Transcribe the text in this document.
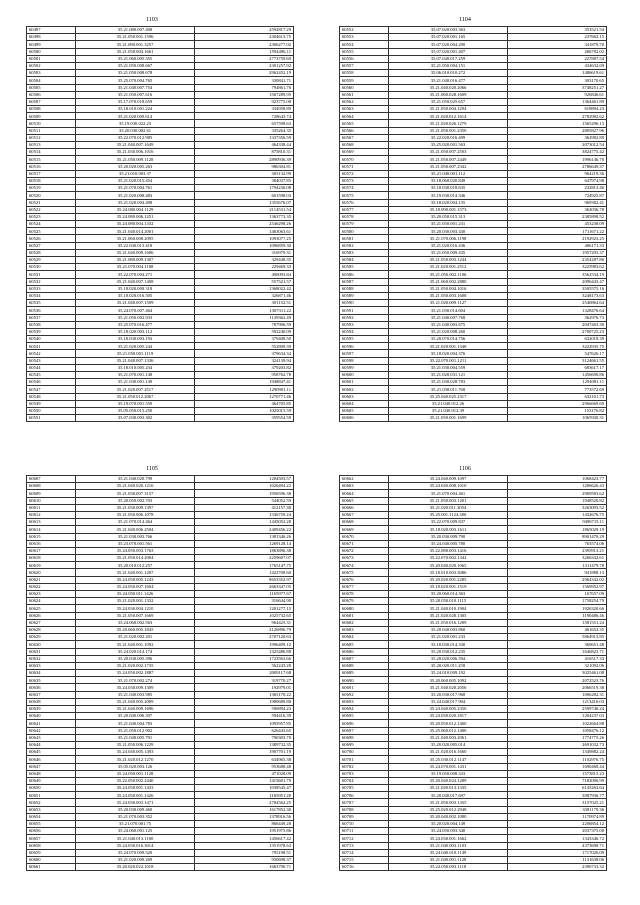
1103
60497	35.21.080.007.408	2592817.29
60498	35.21.050.001.1596	2304613.75
60499	35.21.080.001.3257	2306277.02
60500	35.21.050.004.1661	1594496.11
60501	35.21.060.005.355	2773759.69
60502	35.21.050.008.667	2301257.92
60503	35.21.050.008.678	2962452.19
60504	35.25.070.004.765	330841.71
60505	35.21.040.007.754	794861.70
60506	35.21.050.007.616	1567289.95
60507	35.17.070.018.659	923775.08
60508	35.18.010.001.224	334958.89
60509	35.21.020.009.614	728643.74
60510	35.19.030.022.23	657598.63
60511	35.20.030.002.61	335264.35
60512	35.22.070.012.985	1337356.59
60513	35.21.040.007.1649	464338.44
60514	35.21.030.006.1016	875810.31
60515	35.21.050.009.1128	2890936.39
60516	35.20.020.005.263	986304.81
60517	35.21.010.003.37	305132.99
60518	35.21.020.015.454	384037.85
60519	35.21.070.004.761	1794236.08
60520	35.21.020.008.483	601598.03
60521	35.21.020.004.498	1355676.07
60522	35.24.080.004.1129	2114531.54
60523	35.24.080.006.1251	1363773.35
60524	35.24.080.004.1332	2546298.26
60525	35.21.040.014.2001	1463063.61
60526	35.21.060.008.2095	1093077.25
60527	35.22.040.013.418	1096859.30
60528	35.21.040.009.1606	316979.31
60529	35.21.080.009.1307	329448.35
60530	35.21.070.004.1188	229469.33
60531	35.22.070.004.271	490093.84
60532	35.21.040.007.1408	557521.57
60533	35.18.020.009.318	1368022.42
60534	35.18.020.016.505	326871.46
60535	35.21.040.007.1509	301152.51
60536	35.24.070.007.464	1307311.22
60537	35.21.050.002.933	1139362.49
60538	35.25.070.016.477	787906.59
60539	35.18.020.003.112	592240.09
60540	35.18.030.003.193	379408.50
60541	35.21.020.005.244	552809.39
60542	35.21.050.001.1119	379634.34
60543	35.21.040.007.1336	324139.94
60544	35.18.010.005.234	379203.82
60545	35.21.070.001.148	958762.78
60546	35.21.030.001.149	1948847.41
60547	35.21.020.007.2517	1290901.11
60548	35.21.050.012.2067	1270771.46
60549	35.19.070.001.550	464705.85
60550	35.05.050.015.250	1025015.59
60551	35.07.030.003.302	359554.59
1104
60552	35.07.020.003.363	353521.54
60553	35.07.020.001.165	237662.15
60554	35.07.020.004.290	341879.70
60555	35.07.020.001.407	266782.02
60556	35.07.040.017.259	227887.54
60557	35.21.050.004.151	434632.69
60558	35.06.010.010.272	1486619.61
60559	35.21.040.016.477	303170.65
60560	35.21.040.020.2066	3748251.27
60561	35.21.060.028.1609	926846.61
60562	35.21.050.025.657	1364461.89
60563	35.21.050.004.1294	618894.23
60564	35.21.020.012.1614	2782982.62
60565	35.21.020.026.1279	1565296.13
60566	35.21.050.001.2350	2805827.96
60567	35.22.020.016.499	362982.89
60568	35.25.020.001.563	2073012.54
60569	35.21.050.007.2503	3824775.42
60570	35.21.050.007.2449	1996146.70
60571	35.21.050.007.2342	2786649.37
60572	35.21.040.001.112	964219.36
60573	35.18.060.020.849	647974.98
60574	35.18.030.018.635	232813.46
60575	35.19.030.014.346	724925.87
60576	35.18.020.004.135	969382.41
60577	35.18.090.001.1573	362036.78
60578	35.20.050.015.313	2385898.52
60579	35.21.050.001.231	453238.09
60580	35.20.030.003.430	1711671.22
60581	35.21.070.006.1198	2192923.25
60582	35.21.020.016.436	486171.33
60583	35.21.050.009.435	1957293.37
60584	35.21.050.003.1244	2354287.86
60585	35.21.020.001.2512	3225983.62
60586	35.21.050.002.1106	3562534.19
60587	35.21.060.002.2880	2096443.47
60588	35.21.050.004.1016	3505575.16
60589	35.21.050.003.1608	3248173.63
60590	35.21.020.009.1127	2540864.64
60591	35.21.030.014.604	1328476.64
60592	35.21.040.007.768	362976.73
60593	35.21.040.003.675	2047463.30
60594	35.21.020.008.260	2700725.23
60595	35.20.070.014.756	632018.39
60596	35.21.020.001.1348	3222935.75
60597	35.18.020.004.376	547626.17
60598	35.22.070.001.1211	3124661.55
60599	35.21.030.004.559	683617.17
60600	35.21.020.031.121	1456690.86
60601	35.21.030.028.783	1294081.11
60602	35.21.030.011.768	773572.69
60603	35.25.040.025.2317	632101.73
60604	35.21.040.012.26	2966669.69
60605	35.21.040.012.39	153176.82
60606	35.21.050.001.1699	1065930.31
1105
60607	35.21.040.020.799	1204503.57
60608	35.21.040.020.1216	1026494.22
60609	35.21.030.007.3157	1956596.38
60610	35.20.050.002.703	544052.59
60611	35.21.030.009.1397	412157.38
60612	35.21.050.006.1078	1336759.24
60613	35.21.070.014.464	1445052.28
60614	35.21.040.006.2504	2409456.22
60615	35.21.030.003.766	1381346.26
60616	35.23.070.001.561	1269128.14
60617	35.24.050.003.1763	1863896.38
60618	35.21.050.014.2004	2259607.07
60619	35.20.010.012.257	1765147.75
60620	35.21.040.001.1207	1422708.60
60621	35.24.050.005.1243	8653352.97
60622	35.24.050.007.1604	2663347.05
60623	35.24.050.011.1426	1165977.67
60624	35.21.020.001.1332	316644.90
60625	35.24.030.004.1210	1201277.15
60626	35.21.050.007.1669	1025732.65
60627	35.24.060.002.563	964425.31
60628	35.20.060.005.1845	2126896.79
60629	35.21.020.002.201	2707120.63
60630	35.21.040.001.1092	1996409.12
60631	35.24.020.014.174	1325486.88
60632	35.20.030.005.396	1723563.66
60633	35.21.020.002.1735	562243.28
60634	35.24.050.002.1887	2009117.68
60635	35.21.070.002.274	319770.27
60636	35.24.030.009.1309	192979.01
60637	35.21.040.003.985	1365170.22
60638	35.21.040.005.2009	1980689.88
60639	35.21.040.009.1696	596894.23
60640	35.20.040.006.397	594416.39
60641	35.21.040.004.783	1095957.85
60642	35.21.050.012.902	626443.65
60643	35.21.040.005.791	790303.70
60644	35.21.050.006.1229	1389732.35
60645	35.24.040.005.1493	1907701.19
60646	35.21.020.012.1270	634965.38
60647	35.05.020.003.126	953688.48
60648	35.24.050.001.1128	471028.09
60649	35.22.050.002.2440	1415601.79
60650	35.24.050.001.1433	1038545.47
60651	35.24.050.001.1426	1165951.20
60652	35.24.030.003.1471	2784562.25
60653	35.20.030.009.460	1617852.30
60654	35.21.070.003.352	1378916.56
60655	35.21.070.001.75	866449.28
60656	35.24.060.001.125	1951975.86
60657	35.21.040.013.1100	1456617.42
60658	35.24.030.016.3014	1351978.63
60659	35.24.070.009.320	795198.51
60660	35.21.020.009.269	930698.37
60661	35.20.020.022.1018	1663790.71
1106
60662	35.24.040.009.1097	1068423.77
60663	35.24.040.008.1010	1286626.43
60664	35.21.070.004.461	2969583.62
60665	35.21.050.003.1201	1948520.82
60666	35.21.020.011.3054	3263093.52
60667	35.25.001.1124.300	1432676.75
60668	35.22.070.009.837	9496715.11
60669	35.18.020.003.1611	1865029.19
60670	35.20.030.009.790	8901478.29
60671	35.24.040.005.780	763574.06
60672	35.22.080.003.1416	2395913.21
60673	35.22.070.002.1342	3266332.61
60674	35.20.040.020.1065	1311479.78
60675	35.18.010.003.3086	941888.13
60676	35.20.020.001.2285	2964342.02
60677	35.18.020.001.1519	1569952.97
60678	35.20.060.014.363	167657.09
60679	35.20.050.010.1115	1758254.79
60680	35.21.040.010.1904	1926320.66
60681	35.21.020.028.1305	1190486.46
60682	35.21.050.016.1289	1581551.24
60683	35.20.040.003.860	461652.35
60684	35.21.020.001.233	5864913.85
60685	35.18.030.014.330	360651.48
60686	35.20.030.012.235	1646823.71
60687	35.20.020.006.594	416517.33
60688	35.20.020.011.258	321092.06
60689	35.24.010.009.192	3025461.08
60690	35.20.060.005.1092	2072523.76
60691	35.21.040.020.2056	2066519.38
60692	35.20.030.017.968	1006282.31
60693	35.24.040.017.904	1213416.03
60694	35.24.040.005.2350	2599746.24
60695	35.24.030.020.1817	1204237.03
60696	35.20.050.012.1400	1022664.88
60697	35.25.060.012.1400	1058476.12
60698	35.21.040.003.2061	1774775.26
60699	35.20.020.005.014	2691032.73
60700	35.21.020.016.1660	1349882.24
60701	35.25.030.012.1147	1102976.75
60702	35.24.070.001.1431	1690468.44
60703	35.19.050.008.333	1573815.23
60704	35.20.040.024.1289	7182006.99
60705	35.21.040.013.1335	6145263.64
60706	35.20.040.017.697	3987936.77
60707	35.21.050.003.1355	3157025.21
60708	35.25.020.012.2948	3381179.36
60709	35.20.040.002.1080	1170974.89
60710	35.20.020.004.149	2206854.12
60711	35.24.050.003.340	2037375.00
60712	35.24.030.001.1662	1343346.72
60713	35.21.040.003.1103	4373698.71
60714	35.24.040.010.1149	1717026.09
60715	35.21.040.001.1128	1131638.06
60716	35.22.050.003.1118	2390733.32
